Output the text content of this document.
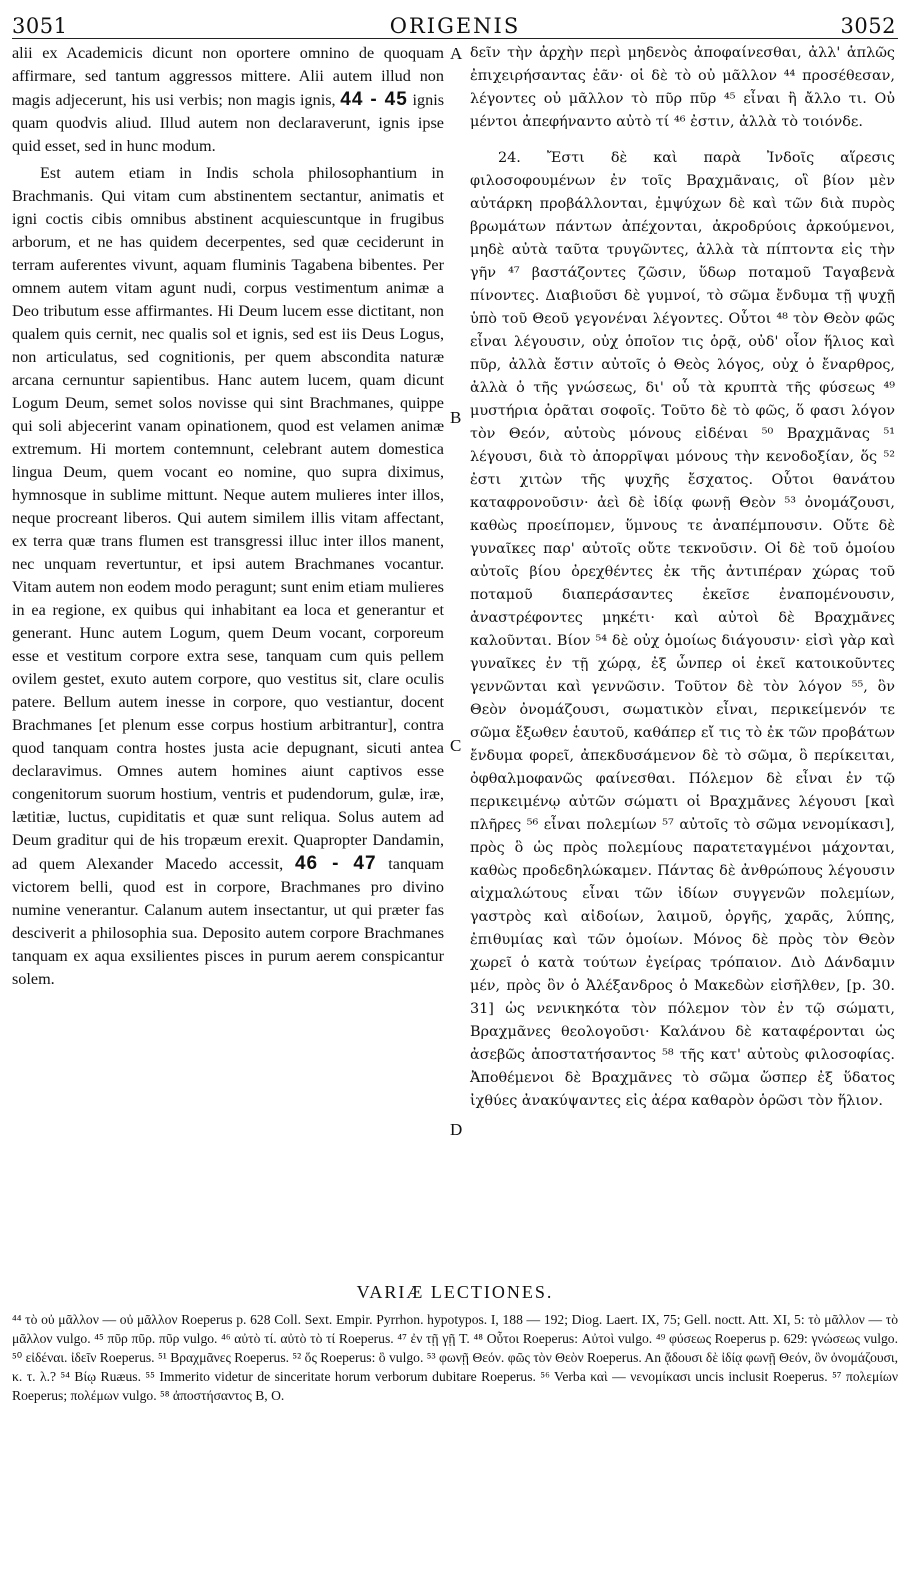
3051	ORIGENIS	3052

alii ex Academicis dicunt non oportere omnino de quoquam affirmare, sed tantum aggressos mittere. Alii autem illud non magis adjecerunt, his usi verbis; non magis ignis, 44 - 45 ignis quam quodvis aliud. Illud autem non declaraverunt, ignis ipse quid esset, sed in hunc modum.

Est autem etiam in Indis schola philosophantium in Brachmanis. Qui vitam cum abstinentem sectantur, animatis et igni coctis cibis omnibus abstinent acquiescuntque in frugibus arborum, et ne has quidem decerpentes, sed quæ ceciderunt in terram auferentes vivunt, aquam fluminis Tagabena bibentes. Per omnem autem vitam agunt nudi, corpus vestimentum animæ a Deo tributum esse affirmantes. Hi Deum lucem esse dictitant, non qualem quis cernit, nec qualis sol et ignis, sed est iis Deus Logus, non articulatus, sed cognitionis, per quem abscondita naturæ arcana cernuntur sapientibus. Hanc autem lucem, quam dicunt Logum Deum, semet solos novisse qui sint Brachmanes, quippe qui soli abjecerint vanam opinationem, quod est velamen animæ extremum. Hi mortem contemnunt, celebrant autem domestica lingua Deum, quem vocant eo nomine, quo supra diximus, hymnosque in sublime mittunt. Neque autem mulieres inter illos, neque procreant liberos. Qui autem similem illis vitam affectant, ex terra quæ trans flumen est transgressi illuc inter illos manent, nec unquam revertuntur, et ipsi autem Brachmanes vocantur. Vitam autem non eodem modo peragunt; sunt enim etiam mulieres in ea regione, ex quibus qui inhabitant ea loca et generantur et generant. Hunc autem Logum, quem Deum vocant, corporeum esse et vestitum corpore extra sese, tanquam cum quis pellem ovilem gestet, exuto autem corpore, quo vestitus sit, clare oculis patere. Bellum autem inesse in corpore, quo vestiantur, docent Brachmanes [et plenum esse corpus hostium arbitrantur], contra quod tanquam contra hostes justa acie depugnant, sicuti antea declaravimus. Omnes autem homines aiunt captivos esse congenitorum suorum hostium, ventris et pudendorum, gulæ, iræ, lætitiæ, luctus, cupiditatis et quæ sunt reliqua. Solus autem ad Deum graditur qui de his tropæum erexit. Quapropter Dandamin, ad quem Alexander Macedo accessit, 46 - 47 tanquam victorem belli, quod est in corpore, Brachmanes pro divino numine venerantur. Calanum autem insectantur, ut qui præter fas desciverit a philosophia sua. Deposito autem corpore Brachmanes tanquam ex aqua exsilientes pisces in purum aerem conspicantur solem.

A
B
C
D

δεῖν τὴν ἀρχὴν περὶ μηδενὸς ἀποφαίνεσθαι, ἀλλ' ἁπλῶς ἐπιχειρήσαντας ἐᾶν· οἱ δὲ τὸ οὐ μᾶλλον ⁴⁴ προσέθεσαν, λέγοντες οὐ μᾶλλον τὸ πῦρ πῦρ ⁴⁵ εἶναι ἢ ἄλλο τι. Οὐ μέντοι ἀπεφήναντο αὐτὸ τί ⁴⁶ ἐστιν, ἀλλὰ τὸ τοιόνδε.

24. Ἔστι δὲ καὶ παρὰ Ἰνδοῖς αἵρεσις φιλοσοφουμένων ἐν τοῖς Βραχμᾶναις, οἳ βίον μὲν αὐτάρκη προβάλλονται, ἐμψύχων δὲ καὶ τῶν διὰ πυρὸς βρωμάτων πάντων ἀπέχονται, ἀκροδρύοις ἀρκούμενοι, μηδὲ αὐτὰ ταῦτα τρυγῶντες, ἀλλὰ τὰ πίπτοντα εἰς τὴν γῆν ⁴⁷ βαστάζοντες ζῶσιν, ὕδωρ ποταμοῦ Ταγαβενὰ πίνοντες. Διαβιοῦσι δὲ γυμνοί, τὸ σῶμα ἔνδυμα τῇ ψυχῇ ὑπὸ τοῦ Θεοῦ γεγονέναι λέγοντες. Οὗτοι ⁴⁸ τὸν Θεὸν φῶς εἶναι λέγουσιν, οὐχ ὁποῖον τις ὁρᾷ, οὐδ' οἷον ἥλιος καὶ πῦρ, ἀλλὰ ἔστιν αὐτοῖς ὁ Θεὸς λόγος, οὐχ ὁ ἔναρθρος, ἀλλὰ ὁ τῆς γνώσεως, δι' οὗ τὰ κρυπτὰ τῆς φύσεως ⁴⁹ μυστήρια ὁρᾶται σοφοῖς. Τοῦτο δὲ τὸ φῶς, ὅ φασι λόγον τὸν Θεόν, αὐτοὺς μόνους εἰδέναι ⁵⁰ Βραχμᾶνας ⁵¹ λέγουσι, διὰ τὸ ἀπορρῖψαι μόνους τὴν κενοδοξίαν, ὅς ⁵² ἐστι χιτὼν τῆς ψυχῆς ἔσχατος. Οὗτοι θανάτου καταφρονοῦσιν· ἀεὶ δὲ ἰδίᾳ φωνῇ Θεὸν ⁵³ ὀνομάζουσι, καθὼς προείπομεν, ὕμνους τε ἀναπέμπουσιν. Οὔτε δὲ γυναῖκες παρ' αὐτοῖς οὔτε τεκνοῦσιν. Οἱ δὲ τοῦ ὁμοίου αὐτοῖς βίου ὀρεχθέντες ἐκ τῆς ἀντιπέραν χώρας τοῦ ποταμοῦ διαπεράσαντες ἐκεῖσε ἐναπομένουσιν, ἀναστρέφοντες μηκέτι· καὶ αὐτοὶ δὲ Βραχμᾶνες καλοῦνται. Βίον ⁵⁴ δὲ οὐχ ὁμοίως διάγουσιν· εἰσὶ γὰρ καὶ γυναῖκες ἐν τῇ χώρᾳ, ἐξ ὧνπερ οἱ ἐκεῖ κατοικοῦντες γεννῶνται καὶ γεννῶσιν. Τοῦτον δὲ τὸν λόγον ⁵⁵, ὃν Θεὸν ὀνομάζουσι, σωματικὸν εἶναι, περικείμενόν τε σῶμα ἔξωθεν ἑαυτοῦ, καθάπερ εἴ τις τὸ ἐκ τῶν προβάτων ἔνδυμα φορεῖ, ἀπεκδυσάμενον δὲ τὸ σῶμα, ὃ περίκειται, ὀφθαλμοφανῶς φαίνεσθαι. Πόλεμον δὲ εἶναι ἐν τῷ περικειμένῳ αὐτῶν σώματι οἱ Βραχμᾶνες λέγουσι [καὶ πλῆρες ⁵⁶ εἶναι πολεμίων ⁵⁷ αὐτοῖς τὸ σῶμα νενομίκασι], πρὸς ὃ ὡς πρὸς πολεμίους παρατεταγμένοι μάχονται, καθὼς προδεδηλώκαμεν. Πάντας δὲ ἀνθρώπους λέγουσιν αἰχμαλώτους εἶναι τῶν ἰδίων συγγενῶν πολεμίων, γαστρὸς καὶ αἰδοίων, λαιμοῦ, ὀργῆς, χαρᾶς, λύπης, ἐπιθυμίας καὶ τῶν ὁμοίων. Μόνος δὲ πρὸς τὸν Θεὸν χωρεῖ ὁ κατὰ τούτων ἐγείρας τρόπαιον. Διὸ Δάνδαμιν μέν, πρὸς ὃν ὁ Ἀλέξανδρος ὁ Μακεδὼν εἰσῆλθεν, [p. 30. 31] ὡς νενικηκότα τὸν πόλεμον τὸν ἐν τῷ σώματι, Βραχμᾶνες θεολογοῦσι· Καλάνου δὲ καταφέρονται ὡς ἀσεβῶς ἀποστατήσαντος ⁵⁸ τῆς κατ' αὐτοὺς φιλοσοφίας. Ἀποθέμενοι δὲ Βραχμᾶνες τὸ σῶμα ὥσπερ ἐξ ὕδατος ἰχθύες ἀνακύψαντες εἰς ἀέρα καθαρὸν ὁρῶσι τὸν ἥλιον.

VARIÆ LECTIONES.

⁴⁴ τὸ οὐ μᾶλλον — οὐ μᾶλλον Roeperus p. 628 Coll. Sext. Empir. Pyrrhon. hypotypos. I, 188 — 192; Diog. Laert. IX, 75; Gell. noctt. Att. XI, 5: τὸ μᾶλλον — τὸ μᾶλλον vulgo. ⁴⁵ πῦρ πῦρ. πῦρ vulgo. ⁴⁶ αὐτὸ τί. αὐτὸ τὸ τί Roeperus. ⁴⁷ ἐν τῇ γῇ T. ⁴⁸ Οὗτοι Roeperus: Αὐτοὶ vulgo. ⁴⁹ φύσεως Roeperus p. 629: γνώσεως vulgo. ⁵⁰ εἰδέναι. ἰδεῖν Roeperus. ⁵¹ Βραχμᾶνες Roeperus. ⁵² ὅς Roeperus: ὃ vulgo. ⁵³ φωνῇ Θεόν. φῶς τὸν Θεὸν Roeperus. An ᾄδουσι δὲ ἰδίᾳ φωνῇ Θεόν, ὃν ὀνομάζουσι, κ. τ. λ.? ⁵⁴ Βίῳ Ruæus. ⁵⁵ Immerito videtur de sinceritate horum verborum dubitare Roeperus. ⁵⁶ Verba καὶ — νενομίκασι uncis inclusit Roeperus. ⁵⁷ πολεμίων Roeperus; πολέμων vulgo. ⁵⁸ ἀποστήσαντος B, O.
